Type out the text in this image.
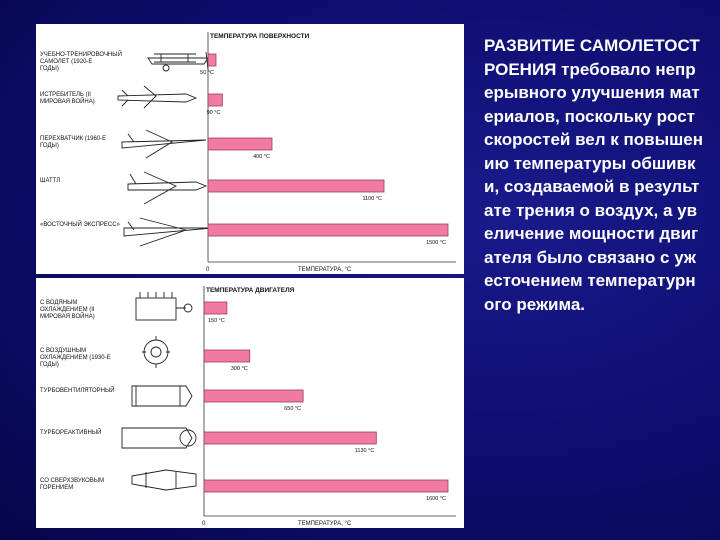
ТЕМПЕРАТУРА ПОВЕРХНОСТИ
ТЕМПЕРАТУРА, °С
0
50 °С
УЧЕБНО-ТРЕНИРОВОЧНЫЙ САМОЛЕТ (1920-Е ГОДЫ)
90 °С
ИСТРЕБИТЕЛЬ (II МИРОВАЯ ВОЙНА)
400 °С
ПЕРЕХВАТЧИК (1960-Е ГОДЫ)
1100 °С
ШАТТЛ
1500 °С
«ВОСТОЧНЫЙ ЭКСПРЕСС»
ТЕМПЕРАТУРА ДВИГАТЕЛЯ
ТЕМПЕРАТУРА, °С
0
150 °С
С ВОДЯНЫМ ОХЛАЖДЕНИЕМ (II МИРОВАЯ ВОЙНА)
300 °С
С ВОЗДУШНЫМ ОХЛАЖДЕНИЕМ (1930-Е ГОДЫ)
650 °С
ТУРБОВЕНТИЛЯТОРНЫЙ
1130 °С
ТУРБОРЕАКТИВНЫЙ
1600 °С
СО СВЕРХЗВУКОВЫМ ГОРЕНИЕМ
РАЗВИТИЕ САМОЛЕТОСТРОЕНИЯ требовало непрерывного улучшения материалов, поскольку рост скоростей вел к повышению температуры обшивки, создаваемой в результате трения о воздух, а увеличение мощности двигателя было связано с ужесточением температурного режима.
